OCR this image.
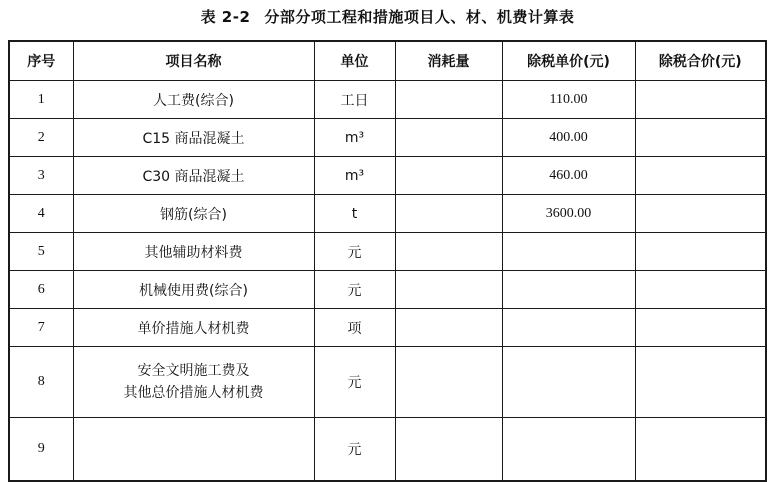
表 2-2 分部分项工程和措施项目人、材、机费计算表
序号	项目名称	单位	消耗量	除税单价(元)	除税合价(元)
1	人工费(综合)	工日		110.00	
2	C15 商品混凝土	m³		400.00	
3	C30 商品混凝土	m³		460.00	
4	钢筋(综合)	t		3600.00	
5	其他辅助材料费	元			
6	机械使用费(综合)	元			
7	单价措施人材机费	项			
8	安全文明施工费及
其他总价措施人材机费	元			
9		元			
